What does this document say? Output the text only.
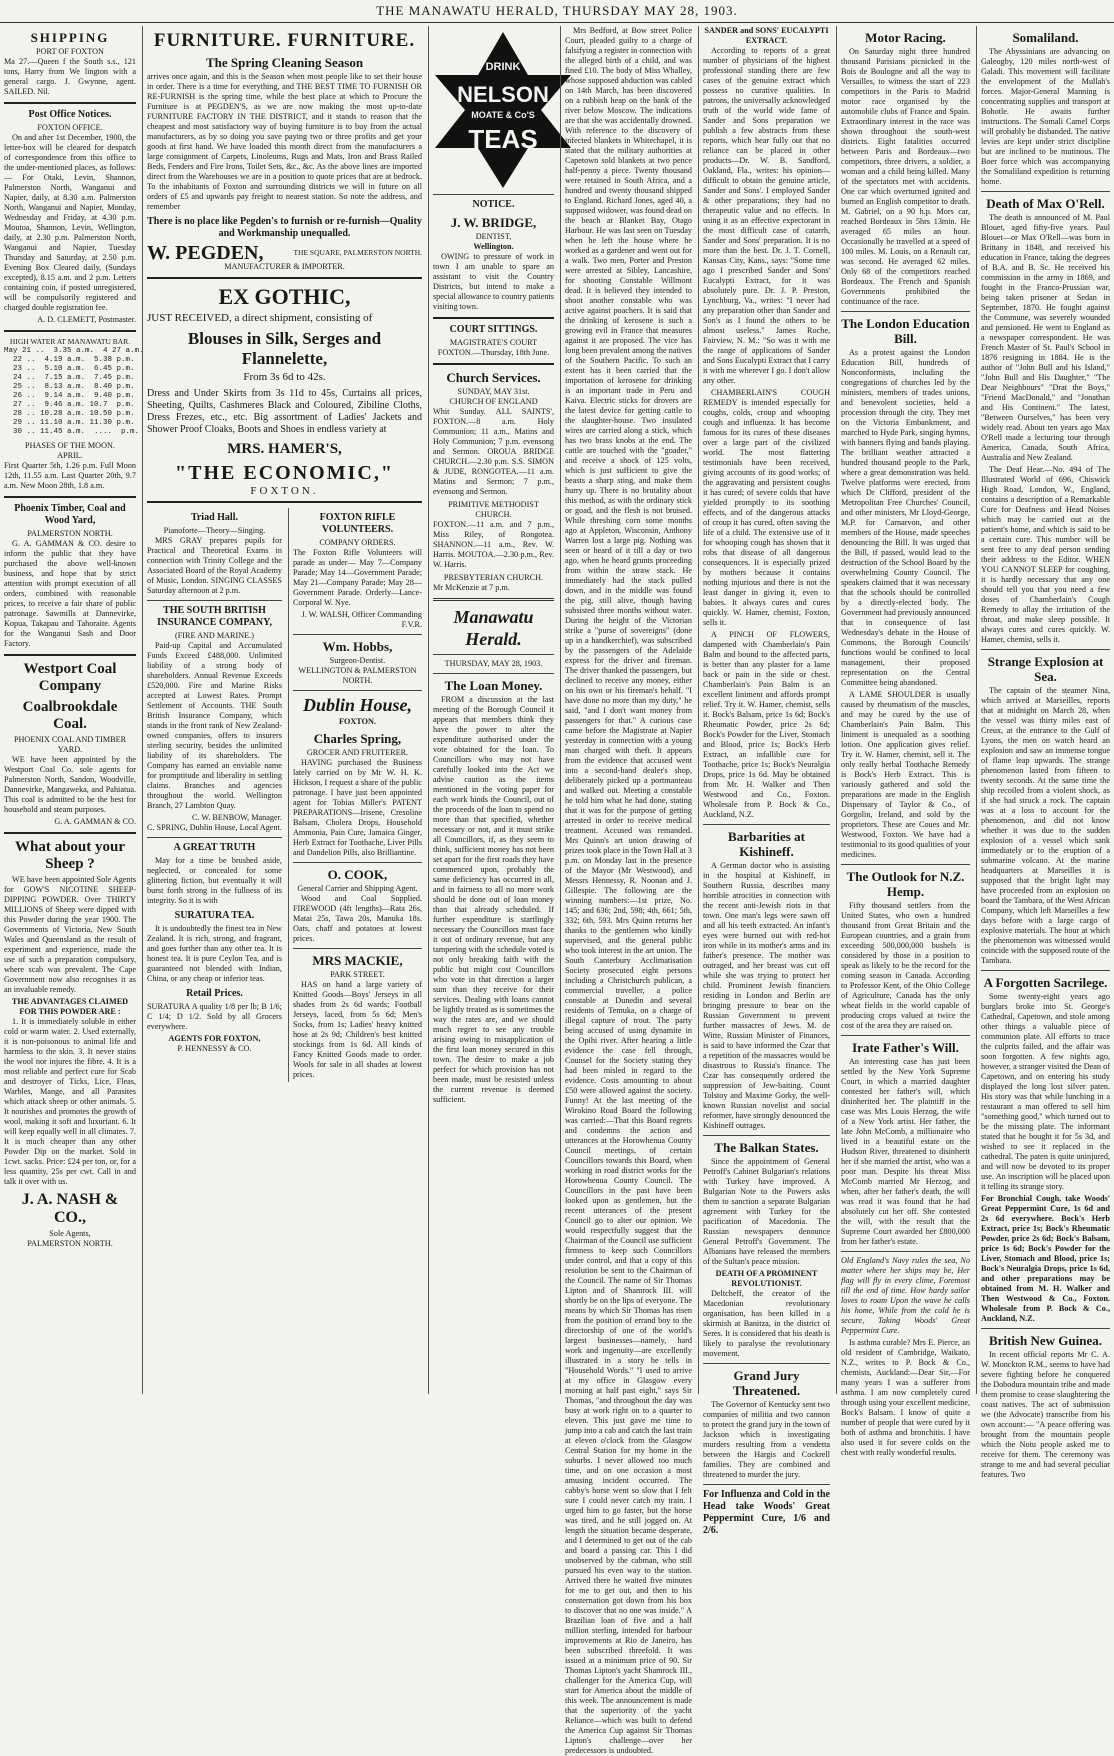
THE MANAWATU HERALD, THURSDAY MAY 28, 1903.
SHIPPING
PORT OF FOXTON
Ma 27.—Queen f the South s.s., 121 tons, Harry from We lington with a general cargo. J. Gwynne, agent. SAILED. Nil.
Post Office Notices.
FOXTON OFFICE.
On and after 1st December, 1900, the letter-box will be cleared for despatch of correspondence from this office to the under-mentioned places, as follows:— For Otaki, Levin, Shannon, Palmerston North, Wanganui and Napier, daily, at 8.30 a.m. Palmerston North, Wanganui and Napier, Monday, Wednesday and Friday, at 4.30 p.m. Moutoa, Shannon, Levin, Wellington, daily, at 2.30 p.m. Palmerston North, Wanganui and Napier, Tuesday Thursday and Saturday, at 2.50 p.m. Evening Box Cleared daily, (Sundays excepted), 8.15 a.m. and 2 p.m. Letters containing coin, if posted unregistered, will be compulsorily registered and charged double registration fee.
A. D. CLEMETT, Postmaster.
HIGH WATER AT MANAWATU BAR.
May 21 ..  3.35 a.m.  4 27 a.m.
22 ..  4.19 a.m.  5.38 p.m.
23 ..  5.10 a.m.  6.45 p.m.
24 ..  7.15 a.m.  7.45 p.m.
25 ..  8.13 a.m.  8.40 p.m.
26 ..  9.14 a.m.  9.40 p.m.
27 ..  9.46 a.m. 10.7  p.m.
28 .. 10.28 a.m. 10.50 p.m.
29 .. 11.10 a.m. 11.30 p.m.
30 .. 11.45 a.m.  ....  p.m.
PHASES OF THE MOON.
APRIL.
First Quarter 5th, 1.26 p.m. Full Moon 12th, 11.55 a.m. Last Quarter 20th, 9.7 a.m. New Moon 28th, 1.8 a.m.
Phoenix Timber, Coal and Wood Yard,
PALMERSTON NORTH.
G. A. GAMMAN & CO. desire to inform the public that they have purchased the above well-known business, and hope that by strict attention with prompt execution of all orders, combined with reasonable prices, to receive a fair share of public patronage. Sawmills at Dannevirke, Kopua, Takapau and Tahoraite. Agents for the Wanganui Sash and Door Factory.
Westport Coal Company
Coalbrookdale Coal.
PHOENIX COAL AND TIMBER YARD.
WE have been appointed by the Westport Coal Co. sole agents for Palmerston North, Sandon, Woodville, Dannevirke, Mangaweka, and Pahiatua. This coal is admitted to be the best for household and steam purposes.
G. A. GAMMAN & CO.
What about your Sheep ?
WE have been appointed Sole Agents for GOW'S NICOTINE SHEEP-DIPPING POWDER. Over THIRTY MILLIONS of Sheep were dipped with this Powder during the year 1900. The Governments of Victoria, New South Wales and Queensland as the result of experiment and experience, made the use of such a preparation compulsory, where scab was prevalent. The Cape Government now also recognises it as an invaluable remedy.
THE ADVANTAGES CLAIMED FOR THIS POWDER ARE :
1. It is immediately soluble in either cold or warm water. 2. Used externally, it is non-poisonous to animal life and harmless to the skin. 3. It never stains the wool nor injures the fibre. 4. It is a most reliable and perfect cure for Scab and destroyer of Ticks, Lice, Fleas, Warbles, Mange, and all Parasites which attack sheep or other animals. 5. It nourishes and promotes the growth of wool, making it soft and luxuriant. 6. It will keep equally well in all climates. 7. It is much cheaper than any other Powder Dip on the market. Sold in 1cwt. sacks. Price: £24 per ton, or, for a less quantity, 25s per cwt. Call in and talk it over with us.
J. A. NASH & CO.,
Sole Agents,
PALMERSTON NORTH.
FURNITURE. FURNITURE.
The Spring Cleaning Season
arrives once again, and this is the Season when most people like to set their house in order. There is a time for everything, and THE BEST TIME TO FURNISH OR RE-FURNISH is the spring time, while the best place at which to Procure the Furniture is at PEGDEN'S, as we are now making the most up-to-date FURNITURE FACTORY IN THE DISTRICT, and it stands to reason that the cheapest and most satisfactory way of buying furniture is to buy from the actual manufacturers, as by so doing you save paying two or three profits and get your goods at first hand. We have loaded this month direct from the manufacturers a large consignment of Carpets, Linoleums, Rugs and Mats, Iron and Brass Railed Beds, Fenders and Fire Irons, Toilet Sets, &c., &c. As the above lines are imported direct from the Warehouses we are in a position to quote prices that are at bedrock. To the inhabitants of Foxton and surrounding districts we will in future on all orders of £5 and upwards pay freight to nearest station. So note the address, and remember
There is no place like Pegden's to furnish or re-furnish—Quality and Workmanship unequalled.
W. PEGDEN,	THE SQUARE, PALMERSTON NORTH.
MANUFACTURER & IMPORTER.
EX GOTHIC,
JUST RECEIVED, a direct shipment, consisting of
Blouses in Silk, Serges and Flannelette,
From 3s 6d to 42s.
Dress and Under Skirts from 3s 11d to 45s, Curtains all prices, Sheeting, Quilts, Cashmeres Black and Coloured, Zibiline Cloths, Dress Frezes, etc., etc. Big assortment of Ladies' Jackets and Shower Proof Cloaks, Boots and Shoes in endless variety at
MRS. HAMER'S,
"THE ECONOMIC,"
FOXTON.
Triad Hall.
Pianoforte—Theory—Singing.
MRS GRAY prepares pupils for Practical and Theoretical Exams in connection with Trinity College and the Associated Board of the Royal Academy of Music, London. SINGING CLASSES Saturday afternoon at 2 p.m.
THE SOUTH BRITISH INSURANCE COMPANY,
(FIRE AND MARINE.)
Paid-up Capital and Accumulated Funds Exceed £488,000. Unlimited liability of a strong body of shareholders. Annual Revenue Exceeds £520,000. Fire and Marine Risks accepted at Lowest Rates. Prompt Settlement of Accounts. THE South British Insurance Company, which stands in the front rank of New Zealand-owned companies, offers to insurers sterling security, besides the unlimited liability of its shareholders. The Company has earned an enviable name for promptitude and liberality in settling claims. Branches and agencies throughout the world. Wellington Branch, 27 Lambton Quay.
C. W. BENBOW, Manager.
C. SPRING, Dublin House, Local Agent.
A GREAT TRUTH
May for a time be brushed aside, neglected, or concealed for some glittering fiction, but eventually it will burst forth strong in the fullness of its integrity. So it is with
SURATURA TEA.
It is undoubtedly the finest tea in New Zealand. It is rich, strong, and fragrant, and goes further than any other tea. It is honest tea. It is pure Ceylon Tea, and is guaranteed not blended with Indian, China, or any cheap or inferior teas.
Retail Prices.
SURATURA A quality 1/8 per lb; B 1/6; C 1/4; D 1/2. Sold by all Grocers everywhere.
AGENTS FOR FOXTON,
P. HENNESSY & CO.
FOXTON RIFLE VOLUNTEERS.
COMPANY ORDERS.
The Foxton Rifle Volunteers will parade as under— May 7—Company Parade; May 14—Government Parade; May 21—Company Parade; May 28—Government Parade. Orderly—Lance-Corporal W. Nye.
J. W. WALSH, Officer Commanding F.V.R.
Wm. Hobbs,
Surgeon-Dentist.
WELLINGTON & PALMERSTON NORTH.
Dublin House,
FOXTON.
Charles Spring,
GROCER AND FRUITERER.
HAVING purchased the Business lately carried on by Mr W. H. K. Hickson, I request a share of the public patronage. I have just been appointed agent for Tobias Miller's PATENT PREPARATIONS—Irisene, Cresoline Balsam, Cholera Drops, Household Ammonia, Pain Cure, Jamaica Ginger, Herb Extract for Toothache, Liver Pills and Dandelion Pills, also Brilliantine.
O. COOK,
General Carrier and Shipping Agent.
Wood and Coal Supplied. FIREWOOD (4ft lengths)—Rata 26s, Matai 25s, Tawa 20s, Manuka 18s. Oats, chaff and potatoes at lowest prices.
MRS MACKIE,
PARK STREET.
HAS on hand a large variety of Knitted Goods—Boys' Jerseys in all shades from 2s 6d wards; Football Jerseys, laced, from 5s 6d; Men's Socks, from 1s; Ladies' heavy knitted hose at 2s 9d; Children's best knitted stockings from 1s 6d. All kinds of Fancy Knitted Goods made to order. Wools for sale in all shades at lowest prices.
DRINK
NELSON
MOATE & Co'S
TEAS
NOTICE.
J. W. BRIDGE,
DENTIST,
Wellington.
OWING to pressure of work in town I am unable to spare an assistant to visit the Country Districts, but intend to make a special allowance to country patients visiting town.
COURT SITTINGS.
MAGISTRATE'S COURT
FOXTON.—Thursday, 18th June.
Church Services.
SUNDAY, MAY 31st.
CHURCH OF ENGLAND
Whit Sunday. ALL SAINTS', FOXTON.—8 a.m. Holy Communion; 11 a.m., Matins and Holy Communion; 7 p.m. evensong and Sermon. OROUA BRIDGE CHURCH.—2.30 p.m. S.S. SIMON & JUDE, RONGOTEA.—11 a.m. Matins and Sermon; 7 p.m., evensong and Sermon.
PRIMITIVE METHODIST CHURCH.
FOXTON.—11 a.m. and 7 p.m., Miss Riley, of Rongotea. SHANNON.—11 a.m., Rev. W. Harris. MOUTOA.—2.30 p.m., Rev. W. Harris.
PRESBYTERIAN CHURCH.
Mr McKenzie at 7 p.m.
Manawatu Herald.
THURSDAY, MAY 28, 1903.
The Loan Money.
FROM a discussion at the last meeting of the Borough Council it appears that members think they have the power to alter the expenditure authorised under the vote obtained for the loan. To Councillors who may not have carefully looked into the Act we advise caution as the items mentioned in the voting paper for each work binds the Council, out of the proceeds of the loan to spend no more than that specified, whether necessary or not, and it must strike all Councillors, if, as they seem to think, sufficient money has not been set apart for the first roads they have commenced upon, probably the same deficiency has occurred in all, and in fairness to all no more work should be done out of loan money than that already scheduled. If further expenditure is startlingly necessary the Councillors must face it out of ordinary revenue, but any tampering with the schedule voted is not only breaking faith with the public but might cost Councillors who vote in that direction a larger sum than they receive for their services. Dealing with loans cannot be lightly treated as is sometimes the way the rates are, and we should much regret to see any trouble arising owing to misapplication of the first loan money secured in this town. The desire to make a job perfect for which provision has not been made, must be resisted unless the current revenue is deemed sufficient.
Mrs Bedford, at Bow street Police Court, pleaded guilty to a charge of falsifying a register in connection with the alleged birth of a child, and was fined £10. The body of Miss Whalley, whose supposed abduction was cabled on 14th March, has been discovered on a rubbish heap on the bank of the river below Moscow. The indications are that she was accidentally drowned. With reference to the discovery of infected blankets in Whitechapel, it is stated that the military authorities at Capetown sold blankets at two pence half-penny a piece. Twenty thousand were retained in South Africa, and a hundred and twenty thousand shipped to England. Richard Jones, aged 40, a supposed widower, was found dead on the beach at Blanket Bay, Otago Harbour. He was last seen on Tuesday when he left the house where he worked as a gardener and went out for a walk. Two men, Porter and Preston were arrested at Sibley, Lancashire, for shooting Constable Willmont dead. It is believed they intended to shoot another constable who was active against poachers. It is said that the drinking of kerosene is such a growing evil in France that measures against it are proposed. The vice has long been prevalent among the natives of the Southern Pacific. To such an extent has it been carried that the importation of kerosene for drinking is an important trade in Peru and Kaiva. Electric sticks for drovers are the latest device for getting cattle to the slaughter-house. Two insulated wires are carried along a stick, which has two brass knobs at the end. The cattle are touched with the "goader," and receive a shock of 125 volts, which is just sufficient to give the beasts a sharp sting, and make them hurry up. There is no brutality about this method, as with the ordinary stick or goad, and the flesh is not bruised. While threshing corn some months ago at Appleton, Wisconsin, Anthony Warren lost a large pig. Nothing was seen or heard of it till a day or two ago, when he heard grunts proceeding from within the straw stack. He immediately had the stack pulled down, and in the middle was found the pig, still alive, though having subsisted three months without water. During the height of the Victorian strike a "purse of sovereigns" (done up in a handkerchief), was subscribed by the passengers of the Adelaide express for the driver and fireman. The driver thanked the passengers, but declined to receive any money, either on his own or his fireman's behalf. "I have done no more than my duty," he said, "and I don't want money from passengers for that." A curious case came before the Magistrate at Napier yesterday in connection with a young man charged with theft. It appears from the evidence that accused went into a second-hand dealer's shop, deliberately picked up a portmanteau and walked out. Meeting a constable he told him what he had done, stating that it was for the purpose of getting arrested in order to receive medical treatment. Accused was remanded. Mrs Quinn's art union drawing of prizes took place in the Town Hall at 3 p.m. on Monday last in the presence of the Mayor (Mr Westwood), and Messrs Hennessy, R. Noonan and J. Gillespie. The following are the winning numbers:—1st prize, No. 145; and 636; 2nd, 598; 4th, 661; 5th, 332; 6th, 593. Mrs Quinn returns her thanks to the gentlemen who kindly supervised, and the general public who took interest in the art union. The South Canterbury Acclimatisation Society prosecuted eight persons including a Christchurch publican, a commercial traveller, a police constable at Dunedin and several residents of Temuka, on a charge of illegal capture of trout. The party being accused of using dynamite in the Opihi river. After hearing a little evidence the case fell through, Counsel for the Society stating they had been misled in regard to the evidence. Costs amounting to about £50 were allowed against the society. Funny! At the last meeting of the Wirokino Road Board the following was carried:—That this Board regrets and condemns the action and utterances at the Horowhenua County Council meetings, of certain Councillors towards this Board, when working in road district works for the Horowhenua County Council. The Councillors in the past have been looked upon as gentlemen, but the recent utterances of the present Council go to alter our opinion. We would respectfully suggest that the Chairman of the Council use sufficient firmness to keep such Councillors under control, and that a copy of this resolution be sent to the Chairman of the Council. The name of Sir Thomas Lipton and of Shamrock III. will shortly be on the lips of everyone. The means by which Sir Thomas has risen from the position of errand boy to the directorship of one of the world's largest businesses—namely, hard work and ingenuity—are excellently illustrated in a story he tells in "Household Words." "I used to arrive at my office in Glasgow every morning at half past eight," says Sir Thomas, "and throughout the day was busy at work right on to a quarter to eleven. This just gave me time to jump into a cab and catch the last train at eleven o'clock from the Glasgow Central Station for my home in the suburbs. I never allowed too much time, and on one occasion a most amusing incident occurred. The cabby's horse went so slow that I felt sure I could never catch my train. I urged him to go faster, but the horse was tired, and he still jogged on. At length the situation became desperate, and I determined to get out of the cab and board a passing car. This I did unobserved by the cabman, who still pursued his even way to the station. Arrived there he waited five minutes for me to get out, and then to his consternation got down from his box to discover that no one was inside." A Brazilian loan of five and a half million sterling, intended for harbour improvements at Rio de Janeiro, has been subscribed threefold. It was issued at a minimum price of 90. Sir Thomas Lipton's yacht Shamrock III., challenger for the America Cup, will start for America about the middle of this week. The announcement is made that the superiority of the yacht Reliance—which was built to defend the America Cup against Sir Thomas Lipton's challenge—over her predecessors is undoubted.
SANDER and SONS' EUCALYPTI EXTRACT.
According to reports of a great number of physicians of the highest professional standing there are few cases of the genuine extract which possess no curative qualities. In patrons, the universally acknowledged truth of the world wide fame of Sander and Sons preparation we publish a few abstracts from these reports, which hear fully out that no reliance can be placed in other products—Dr. W. B. Sandford, Oakland, Fla., writes: his opinion—difficult to obtain the genuine article, Sander and Sons'. I employed Sander & other preparations; they had no therapeutic value and no effects. In using it as an effective expectorant in the most difficult case of catarrh, Sander and Sons' preparation. It is no more than the best. Dr. J. T. Cornell, Kansas City, Kans., says: "Some time ago I prescribed Sander and Sons' Eucalypti Extract, for it was absolutely pure. Dr. J. P. Preston, Lynchburg, Va., writes: "I never had any preparation other than Sander and Son's as I found the others to be almost useless." James Roche, Fairview, N. M.: "So was it with me the range of applications of Sander and Sons Eucalypti Extract that I carry it with me wherever I go. I don't allow any other.
CHAMBERLAIN'S COUGH REMEDY is intended especially for coughs, colds, croup and whooping cough and influenza. It has become famous for its cures of these diseases over a large part of the civilized world. The most flattering testimonials have been received, giving accounts of its good works; of the aggravating and persistent coughs it has cured; of severe colds that have yielded promptly to its soothing effects, and of the dangerous attacks of croup it has cured, often saving the life of a child. The extensive use of it for whooping cough has shown that it robs that disease of all dangerous consequences. It is especially prized by mothers because it contains nothing injurious and there is not the least danger in giving it, even to babies. It always cures and cures quickly. W. Hamer, chemist, Foxton, sells it.
A PINCH OF FLOWERS, dampened with Chamberlain's Pain Balm and bound to the affected parts, is better than any plaster for a lame back or pain in the side or chest. Chamberlain's Pain Balm is an excellent liniment and affords prompt relief. Try it. W. Hamer, chemist, sells it. Bock's Balsam, price 1s 6d; Bock's Rheumatic Powder, price 2s 6d; Bock's Powder for the Liver, Stomach and Blood, price 1s; Bock's Herb Extract, an infallible cure for Toothache, price 1s; Bock's Neuralgia Drops, price 1s 6d. May be obtained from Mr. H. Walker and Then Westwood and Co., Foxton. Wholesale from P. Bock & Co., Auckland, N.Z.
Barbarities at Kishineff.
A German doctor who is assisting in the hospital at Kishineff, in Southern Russia, describes many horrible atrocities in connection with the recent anti-Jewish riots in that town. One man's legs were sawn off and all his teeth extracted. An infant's eyes were burned out with red-hot iron while in its mother's arms and its father's presence. The mother was outraged, and her breast was cut off while she was trying to protect her child. Prominent Jewish financiers residing in London and Berlin are bringing pressure to bear on the Russian Government to prevent further massacres of Jews. M. de Witte, Russian Minister of Finances, is said to have informed the Czar that a repetition of the massacres would be disastrous to Russia's finance. The Czar has consequently ordered the suppression of Jew-baiting. Count Tolstoy and Maxime Gorky, the well-known Russian novelist and social reformer, have strongly denounced the Kishineff outrages.
The Balkan States.
Since the appointment of General Petroff's Cabinet Bulgarian's relations with Turkey have improved. A Bulgarian Note to the Powers asks them to sanction a separate Bulgarian agreement with Turkey for the pacification of Macedonia. The Russian newspapers denounce General Petroff's Government. The Albanians have released the members of the Sultan's peace mission.
DEATH OF A PROMINENT REVOLUTIONIST.
Deltcheff, the creator of the Macedonian revolutionary organisation, has been killed in a skirmish at Banitza, in the district of Seres. It is considered that his death is likely to paralyse the revolutionary movement.
Grand Jury Threatened.
The Governor of Kentucky sent two companies of militia and two cannon to protect the grand jury in the town of Jackson which is investigating murders resulting from a vendetta between the Hargis and Cockrell families. They are combined and threatened to murder the jury.
For Influenza and Cold in the Head take Woods' Great Peppermint Cure, 1/6 and 2/6.
Motor Racing.
On Saturday night three hundred thousand Parisians picnicked in the Bois de Boulogne and all the way to Versailles, to witness the start of 223 competitors in the Paris to Madrid motor race organised by the automobile clubs of France and Spain. Extraordinary interest in the race was shown throughout the south-west districts. Eight fatalities occurred between Paris and Bordeaux—two competitors, three drivers, a soldier, a woman and a child being killed. Many of the spectators met with accidents. One car which overturned ignited and burned an English competitor to death. M. Gabriel, on a 90 h.p. Mors car, reached Bordeaux in 5hrs 13min. He averaged 65 miles an hour. Occasionally he travelled at a speed of 100 miles. M. Louis, on a Renault car, was second. He averaged 62 miles. Only 68 of the competitors reached Bordeaux. The French and Spanish Governments prohibited the continuance of the race.
The London Education Bill.
As a protest against the London Education Bill, hundreds of Nonconformists, including the congregations of churches led by the ministers, members of trades unions, and benevolent societies, held a procession through the city. They met on the Victoria Embankment, and marched to Hyde Park, singing hymns, with banners flying and bands playing. The brilliant weather attracted a hundred thousand people to the Park, where a great demonstration was held. Twelve platforms were erected, from which Dr Clifford, president of the Metropolitan Free Churches' Council, and other ministers, Mr Lloyd-George, M.P. for Carnarvon, and other members of the House, made speeches denouncing the Bill. It was urged that the Bill, if passed, would lead to the destruction of the School Board by the overwhelming County Council. The speakers claimed that it was necessary that the schools should be controlled by a directly-elected body. The Government had previously announced that in consequence of last Wednesday's debate in the House of Commons, the Borough Councils' functions would be confined to local management, their proposed representation on the Central Committee being abandoned.
A LAME SHOULDER is usually caused by rheumatism of the muscles, and may be cured by the use of Chamberlain's Pain Balm. This liniment is unequaled as a soothing lotion. One application gives relief. Try it. W. Hamer, chemist, sell it. The only really herbal Toothache Remedy is Bock's Herb Extract. This is variously gathered and sold the preparations are made in the English Dispensary of Taylor & Co., of Gorgolin, Ireland, and sold by the proprietors. These are Coues and Mr. Westwood, Foxton. We have had a testimonial to its good qualities of your medicines.
The Outlook for N.Z. Hemp.
Fifty thousand settlers from the United States, who own a hundred thousand from Great Britain and the European countries, and a grain from exceeding 500,000,000 bushels is considered by those in a position to speak as likely to be the record for the coming season in Canada. According to Professor Kent, of the Ohio College of Agriculture, Canada has the only wheat fields in the world capable of producing crops valued at twice the cost of the area they are raised on.
Irate Father's Will.
An interesting case has just been settled by the New York Supreme Court, in which a married daughter contested her father's will, which disinherited her. The plaintiff in the case was Mrs Louis Herzog, the wife of a New York artist. Her father, the late John McComb, a millionaire who lived in a beautiful estate on the Hudson River, threatened to disinherit her if she married the artist, who was a poor man. Despite his threat Miss McComb married Mr Herzog, and when, after her father's death, the will was read it was found that he had absolutely cut her off. She contested the will, with the result that the Supreme Court awarded her £800,000 from her father's estate.
Old England's Navy rules the sea, No matter where her ships may be, Her flag will fly in every clime, Foremost till the end of time. How hardy sailor loves to roam Upon the wave he calls his home, While from the cold he is secure, Taking Woods' Great Peppermint Cure.
Is asthma curable? Mrs E. Pierce, an old resident of Cambridge, Waikato, N.Z., writes to P. Bock & Co., chemists, Auckland:—Dear Sir,—For many years I was a sufferer from asthma. I am now completely cured through using your excellent medicine, Bock's Balsam. I know of quite a number of people that were cured by it both of asthma and bronchitis. I have also used it for severe colds on the chest with really wonderful results.
Somaliland.
The Abyssinians are advancing on Galeogby, 120 miles north-west of Galadi. This movement will facilitate the envelopment of the Mullah's forces. Major-General Manning is concentrating supplies and transport at Bohotle. He awaits further instructions. The Somali Camel Corps will probably be disbanded. The native levies are kept under strict discipline but are inclined to be mutinous. The Boer force which was accompanying the Somaliland expedition is returning home.
Death of Max O'Rell.
The death is announced of M. Paul Blouet, aged fifty-five years. Paul Blouet—or Max O'Rell—was born in Brittany in 1848, and received his education in France, taking the degrees of B.A. and B. Sc. He received his commission in the army in 1869, and fought in the Franco-Prussian war, being taken prisoner at Sedan in September, 1870. He fought against the Commune, was severely wounded and pensioned. He went to England as a newspaper correspondent. He was French Master of St. Paul's School in 1876 resigning in 1884. He is the author of "John Bull and his Island," "John Bull and His Daughter," "The Dear Neighbours" "Drat the Boys," "Friend MacDonald," and "Jonathan and His Continent." The latest, "Between Ourselves," has been very widely read. About ten years ago Max O'Rell made a lecturing tour through America, Canada, South Africa, Australia and New Zealand.
The Deaf Hear.—No. 494 of The Illustrated World of 696, Chiswick High Road, London, W., England, contains a description of a Remarkable Cure for Deafness and Head Noises which may be carried out at the patient's home, and which is said to be a certain cure. This number will be sent free to any deaf person sending their address to the Editor. WHEN YOU CANNOT SLEEP for coughing, it is hardly necessary that any one should tell you that you need a few doses of Chamberlain's Cough Remedy to allay the irritation of the throat, and make sleep possible. It always cures and cures quickly. W. Hamer, chemist, sells it.
Strange Explosion at Sea.
The captain of the steamer Nina, which arrived at Marseilles, reports that at midnight on March 28, when the vessel was thirty miles east of Creux, at the entrance to the Gulf of Lyons, the men on watch heard an explosion and saw an immense tongue of flame leap upwards. The strange phenomenon lasted from fifteen to twenty seconds. At the same time the ship recoiled from a violent shock, as if she had struck a rock. The captain was at a loss to account for the phenomenon, and did not know whether it was due to the sudden explosion of a vessel which sank immediately or to the eruption of a submarine volcano. At the marine headquarters at Marseilles it is supposed that the bright light may have proceeded from an explosion on board the Tambara, of the West African Company, which left Marseilles a few days before with a large cargo of explosive materials. The hour at which the phenomenon was witnessed would coincide with the supposed route of the Tambara.
A Forgotten Sacrilege.
Some twenty-eight years ago burglars broke into St. George's Cathedral, Capetown, and stole among other things a valuable piece of communion plate. All efforts to trace the culprits failed, and the affair was soon forgotten. A few nights ago, however, a stranger visited the Dean of Capetown, and on entering his study displayed the long lost silver paten. His story was that while lunching in a restaurant a man offered to sell him "something good," which turned out to be the missing plate. The informant stated that he bought it for 5s 3d, and wished to see it replaced in the cathedral. The paten is quite uninjured, and will now be devoted to its proper use. An inscription will be placed upon it telling its strange story.
For Bronchial Cough, take Woods' Great Peppermint Cure, 1s 6d and 2s 6d everywhere. Bock's Herb Extract, price 1s; Bock's Rheumatic Powder, price 2s 6d; Bock's Balsam, price 1s 6d; Bock's Powder for the Liver, Stomach and Blood, price 1s; Bock's Neuralgia Drops, price 1s 6d, and other preparations may be obtained from M. H. Walker and Then Westwood & Co., Foxton. Wholesale from P. Bock & Co., Auckland, N.Z.
British New Guinea.
In recent official reports Mr C. A. W. Monckton R.M., seems to have had severe fighting before he conquered the Dobodura mountain tribe and made them promise to cease slaughtering the coast natives. The act of submission we (the Advocate) transcribe from his own account:— "A peace offering was brought from the mountain people which the Notu people asked me to receive for them. The ceremony was strange to me and had several peculiar features. Two
